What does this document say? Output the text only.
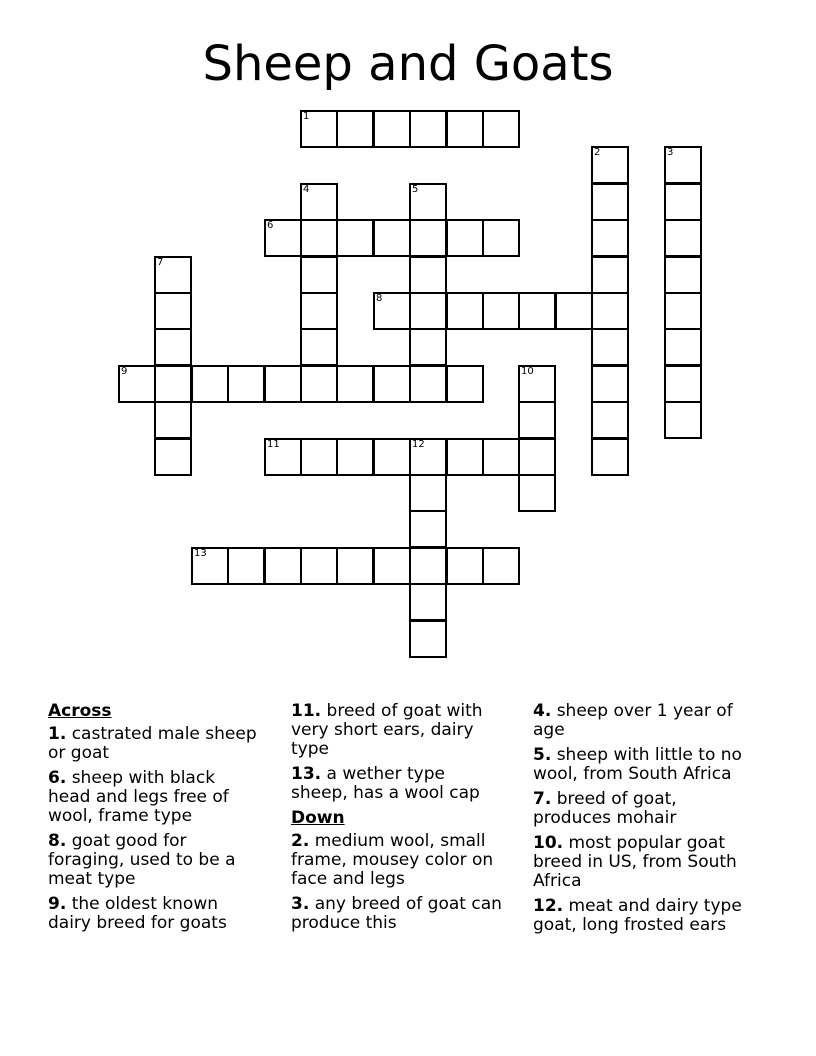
Sheep and Goats
1
2	3
4	5
6
7
8
9	10
11	12
13
Across
1. castrated male sheep or goat
6. sheep with black head and legs free of wool, frame type
8. goat good for foraging, used to be a meat type
9. the oldest known dairy breed for goats
11. breed of goat with very short ears, dairy type
13. a wether type sheep, has a wool cap
Down
2. medium wool, small frame, mousey color on face and legs
3. any breed of goat can produce this
4. sheep over 1 year of age
5. sheep with little to no wool, from South Africa
7. breed of goat, produces mohair
10. most popular goat breed in US, from South Africa
12. meat and dairy type goat, long frosted ears
